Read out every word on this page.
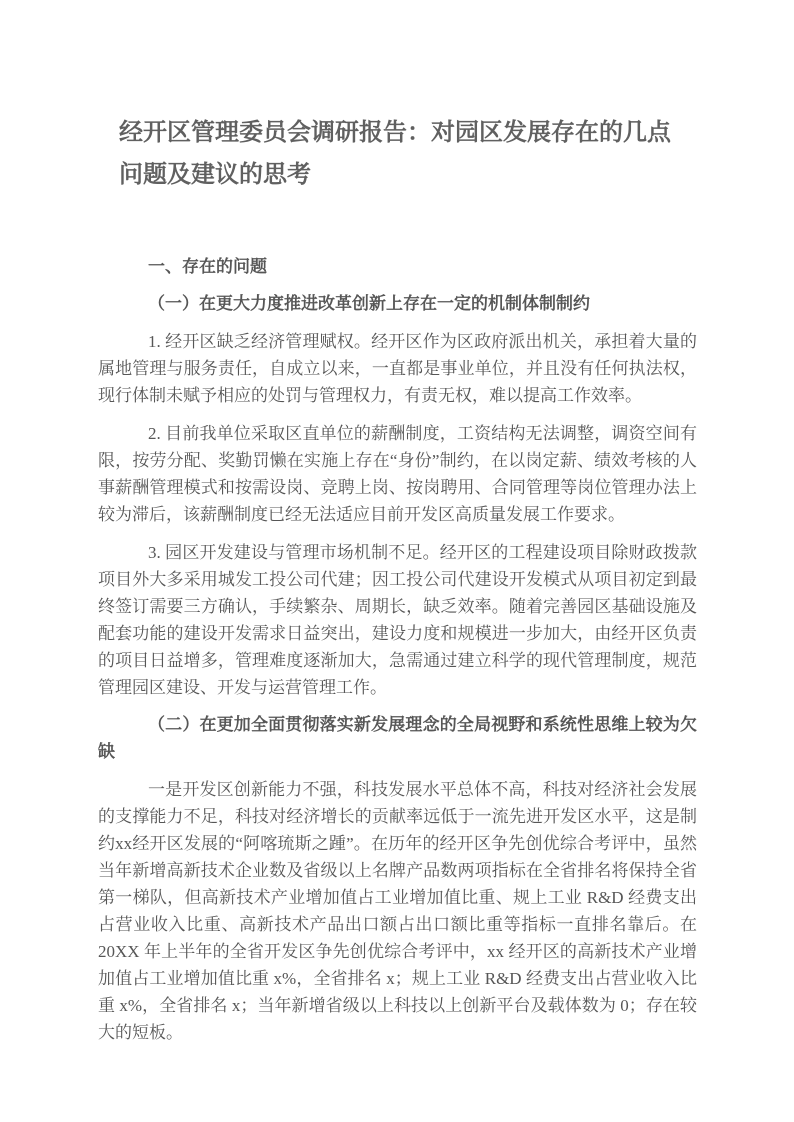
经开区管理委员会调研报告：对园区发展存在的几点问题及建议的思考
一、存在的问题
（一）在更大力度推进改革创新上存在一定的机制体制制约

1. 经开区缺乏经济管理赋权。经开区作为区政府派出机关，承担着大量的属地管理与服务责任，自成立以来，一直都是事业单位，并且没有任何执法权，现行体制未赋予相应的处罚与管理权力，有责无权，难以提高工作效率。

2. 目前我单位采取区直单位的薪酬制度，工资结构无法调整，调资空间有限，按劳分配、奖勤罚懒在实施上存在“身份”制约，在以岗定薪、绩效考核的人事薪酬管理模式和按需设岗、竞聘上岗、按岗聘用、合同管理等岗位管理办法上较为滞后，该薪酬制度已经无法适应目前开发区高质量发展工作要求。

3. 园区开发建设与管理市场机制不足。经开区的工程建设项目除财政拨款项目外大多采用城发工投公司代建；因工投公司代建设开发模式从项目初定到最终签订需要三方确认，手续繁杂、周期长，缺乏效率。随着完善园区基础设施及配套功能的建设开发需求日益突出，建设力度和规模进一步加大，由经开区负责的项目日益增多，管理难度逐渐加大，急需通过建立科学的现代管理制度，规范管理园区建设、开发与运营管理工作。

（二）在更加全面贯彻落实新发展理念的全局视野和系统性思维上较为欠缺

一是开发区创新能力不强，科技发展水平总体不高，科技对经济社会发展的支撑能力不足，科技对经济增长的贡献率远低于一流先进开发区水平，这是制约xx经开区发展的“阿喀琉斯之踵”。在历年的经开区争先创优综合考评中，虽然当年新增高新技术企业数及省级以上名牌产品数两项指标在全省排名将保持全省第一梯队，但高新技术产业增加值占工业增加值比重、规上工业 R&D 经费支出占营业收入比重、高新技术产品出口额占出口额比重等指标一直排名靠后。在20XX 年上半年的全省开发区争先创优综合考评中，xx 经开区的高新技术产业增加值占工业增加值比重 x%，全省排名 x；规上工业 R&D 经费支出占营业收入比重 x%，全省排名 x；当年新增省级以上科技以上创新平台及载体数为 0；存在较大的短板。
